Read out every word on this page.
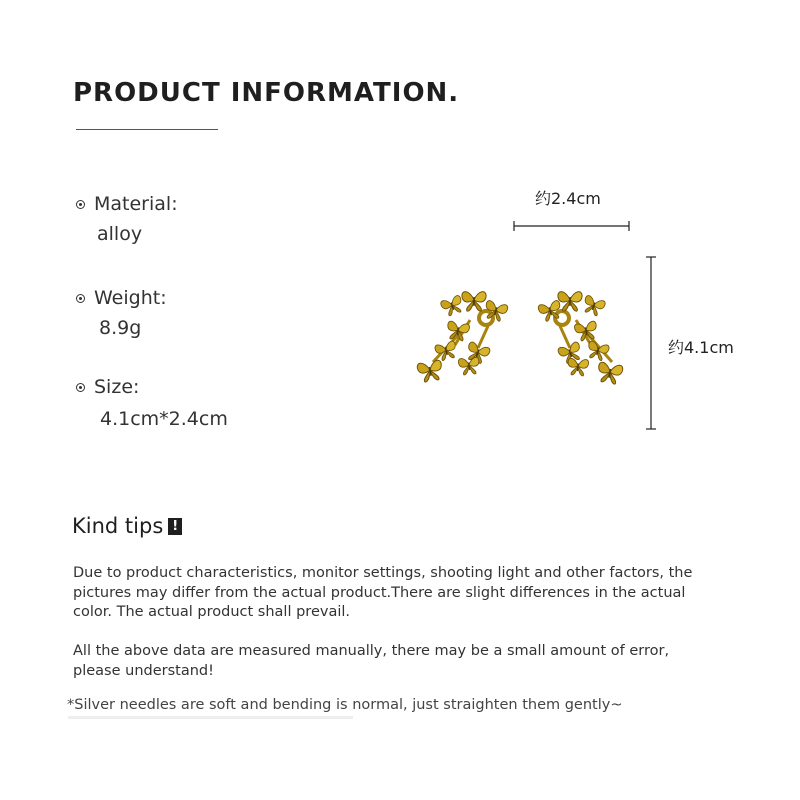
PRODUCT INFORMATION.
Material:
alloy
Weight:
8.9g
Size:
4.1cm*2.4cm
约2.4cm
约4.1cm
Kind tips !
Due to product characteristics, monitor settings, shooting light and other factors, the pictures may differ from the actual product.There are slight differences in the actual color. The actual product shall prevail.
All the above data are measured manually, there may be a small amount of error, please understand!
*Silver needles are soft and bending is normal, just straighten them gently~
